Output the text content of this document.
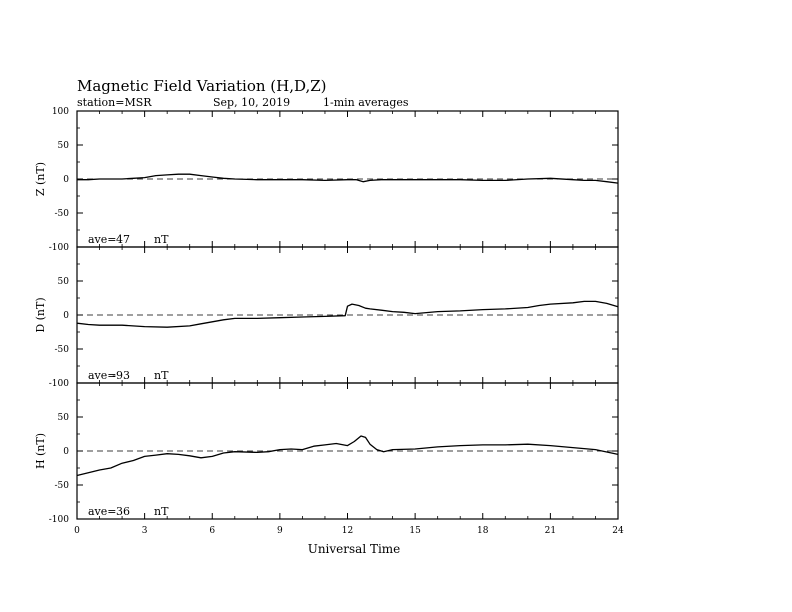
Magnetic Field Variation (H,D,Z)
station=MSR	Sep, 10, 2019	1-min averages
100
50
0
-50
-100
Z (nT)
ave= 47 nT
50
0
-50
-100
D (nT)
ave=
-93 nT
50
0
-50
-100
H (nT)
ave= 36 nT
0	3	6	9	12	15	18	21	24
Universal Time
